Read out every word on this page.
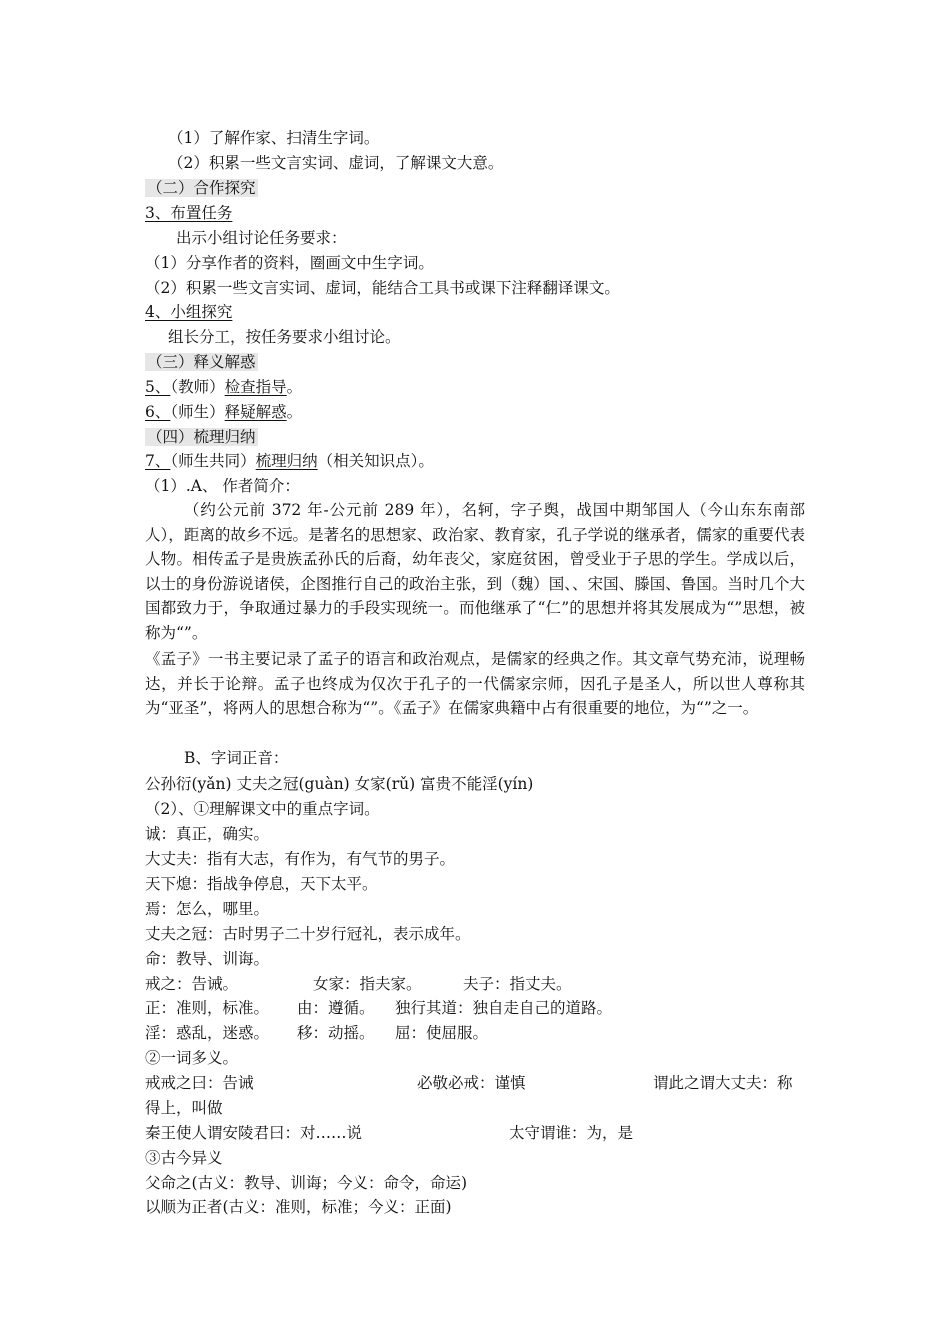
（1）了解作家、扫清生字词。
（2）积累一些文言实词、虚词，了解课文大意。
（二）合作探究
3、布置任务
出示小组讨论任务要求：
（1）分享作者的资料，圈画文中生字词。
（2）积累一些文言实词、虚词，能结合工具书或课下注释翻译课文。
4、小组探究
组长分工，按任务要求小组讨论。
（三）释义解惑
5、（教师）检查指导。
6、（师生）释疑解惑。
（四）梳理归纳
7、（师生共同）梳理归纳（相关知识点）。
（1）.A、 作者简介：
（约公元前 372 年-公元前 289 年），名轲，字子舆，战国中期邹国人（今山东东南部人），距离的故乡不远。是著名的思想家、政治家、教育家，孔子学说的继承者，儒家的重要代表人物。相传孟子是贵族孟孙氏的后裔，幼年丧父，家庭贫困，曾受业于子思的学生。学成以后，以士的身份游说诸侯，企图推行自己的政治主张，到（魏）国、、宋国、滕国、鲁国。当时几个大国都致力于，争取通过暴力的手段实现统一。而他继承了“仁”的思想并将其发展成为“”思想，被称为“”。
《孟子》一书主要记录了孟子的语言和政治观点，是儒家的经典之作。其文章气势充沛，说理畅达，并长于论辩。孟子也终成为仅次于孔子的一代儒家宗师，因孔子是圣人，所以世人尊称其为“亚圣”，将两人的思想合称为“”。《孟子》在儒家典籍中占有很重要的地位，为“”之一。
B、字词正音：
公孙衍(yǎn) 丈夫之冠(guàn) 女家(rǔ) 富贵不能淫(yín)
（2）、①理解课文中的重点字词。
诚：真正，确实。
大丈夫：指有大志，有作为，有气节的男子。
天下熄：指战争停息，天下太平。
焉：怎么，哪里。
丈夫之冠：古时男子二十岁行冠礼，表示成年。
命：教导、训诲。
戒之：告诫。	女家：指夫家。	夫子：指丈夫。
正：准则，标准。 由：遵循。 独行其道：独自走自己的道路。
淫：惑乱，迷惑。 移：动摇。 屈：使屈服。
②一词多义。
戒戒之曰：告诫	必敬必戒：谨慎	谓此之谓大丈夫：称
得上，叫做
秦王使人谓安陵君曰：对……说	太守谓谁：为，是
③古今异义
父命之(古义：教导、训诲；今义：命令，命运)
以顺为正者(古义：准则，标准；今义：正面)
